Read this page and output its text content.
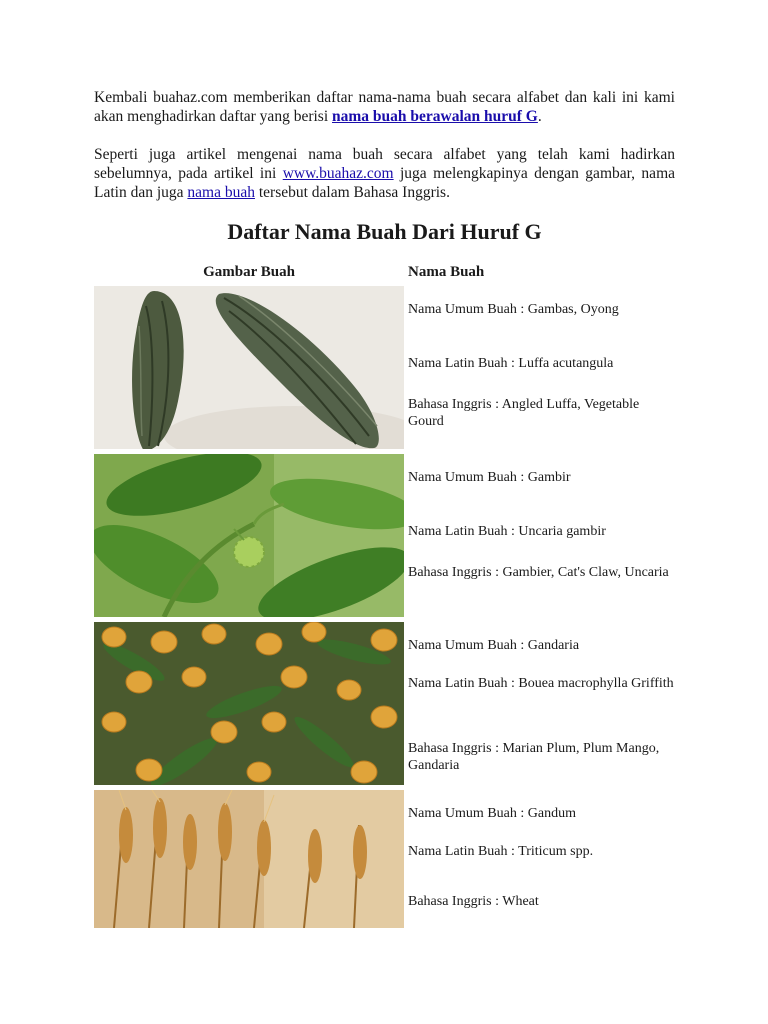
Kembali buahaz.com memberikan daftar nama-nama buah secara alfabet dan kali ini kami akan menghadirkan daftar yang berisi nama buah berawalan huruf G.

Seperti juga artikel mengenai nama buah secara alfabet yang telah kami hadirkan sebelumnya, pada artikel ini www.buahaz.com juga melengkapinya dengan gambar, nama Latin dan juga nama buah tersebut dalam Bahasa Inggris.

Daftar Nama Buah Dari Huruf G
Gambar Buah	Nama Buah

Nama Umum Buah : Gambas, Oyong

Nama Latin Buah : Luffa acutangula

Bahasa Inggris : Angled Luffa, Vegetable Gourd

Nama Umum Buah : Gambir

Nama Latin Buah : Uncaria gambir

Bahasa Inggris : Gambier, Cat's Claw, Uncaria

Nama Umum Buah : Gandaria

Nama Latin Buah : Bouea macrophylla Griffith

Bahasa Inggris : Marian Plum, Plum Mango, Gandaria

Nama Umum Buah : Gandum

Nama Latin Buah : Triticum spp.

Bahasa Inggris : Wheat
